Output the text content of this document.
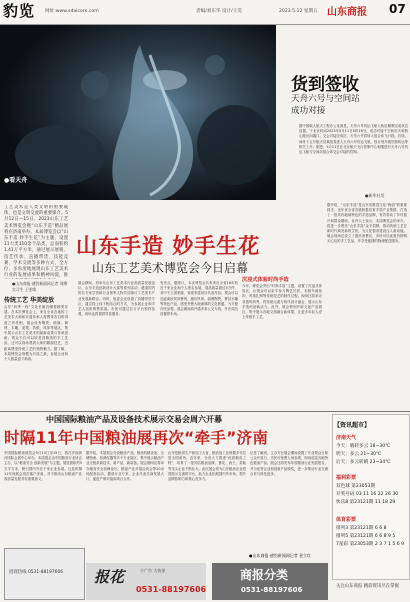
豹览	网址:www.sdaicore.com	责编/刘东华 设计/王雯	2023.5.12 星期五 山东商报 07
●看天舟
货到签收
天舟六号与空间站
成功对接
据中国载人航天工程办公室消息，天舟六号货运飞船入轨后顺利完成状态设置，于北京时间2023年5月11日5时16分，成功对接于空间站天和核心舱后向端口。交会对接完成后，天舟六号将转入组合体飞行段。后续，神舟十五号航天员乘组将进入天舟六号货运飞船，按计划开展货物转运等相关工作。据悉，5月11日在北京航天飞行控制中心相继进行天舟六号货运飞船与空间站组合体交会对接的控制。
●新华社发
工艺美术是人类文明的重要载体，也是文明交流的重要媒介。5月12日—15日，2023山东工艺美术博览会暨“山东手造”精品展将在济南举办。本届博览会以“山东手造 妙手生花”为主题，设置11大类110余个品类，总面积约1.41万平方米，通过展示展销、技艺传承、直播带货、技能竞赛、学术交流等多种方式，全方位、多角度地展现山东工艺美术行业的发展成果和精神风貌，推
●山东商报·速豹新闻网记者 刘傅 实习生 王雯晴
传统工艺 华美绽放
山东“四季一线”文化长廊沉睡着精美非遗。在本次博览会上，来自全省各地的工艺美术大师和非遗传承人将携带各自的得意之作亮相。展会设有陶瓷、琉璃、刺绣、木雕、泥塑、剪纸、风筝等展区，集中展示山东工艺美术的最新成果与传承创新。观众不仅可以欣赏到精美的手工艺品，还可以现场观看大师的精湛技艺，近距离感受传统工艺的独特魅力。据了解，本届博览会规模为历届之最，参展企业和个人数量创下新高。
山东手造 妙手生花
山东工艺美术博览会今日启幕
展会期间，将举办山东工艺美术行业高质量发展论坛、山东手造创新设计大赛等系列活动，邀请国内知名专家学者和行业领军人物共同探讨工艺美术产业发展新路径。同时，组委会还设置了直播带货专区，通过线上线下相结合的方式，为参展企业和手艺人拓宽销售渠道。市民可通过官方平台预约参观，现场也将提供导览服务。
有亮点，据统计，本次博览会共有来自全省16市的近千家企业和个人报名参展，展品数量超过5万件，其中不乏国家级、省级非遗项目代表作品。观众可以近距离欣赏到鲁绣、潍坊风筝、淄博陶瓷、曹县木雕等特色产品，感受齐鲁大地深厚的文化底蕴。为方便市民参观，展会期间将开通多条公交专线，并在周边设置停车场。
沉浸式体验时尚手造
今年，博览会突出“时尚手造”主题，设置了沉浸式体验区，让观众可以亲手参与陶艺拉坯、木版年画拓印、风筝扎制等传统技艺的制作过程。现场还将举办非遗时尚秀，将传统元素与现代设计融合，展示山东手造的创新活力。此外，展会特别开辟文创产品展区，集中展示各地文旅融合新成果，让更多年轻人爱上传统手工艺。
据介绍，“山东手造”是山东省推进文化“两创”的重要抓手，近年来全省各级积极培育手造产业集群，打造了一批具有地域特色的手造品牌，有效带动了乡村振兴和群众增收。业内人士表示，本届博览会的举办，将进一步擦亮“山东手造”金字招牌，推动传统工艺在新时代焕发新的生机，为文化强省建设注入新动能。展会现场还设立了惠民消费区，市民可以优惠价格购买心仪的手工艺品，并享受便捷的物流配送服务。
中国国际粮油产品及设备技术展示交易会周六开幕
时隔11年中国粮油展再次“牵手”济南
中国国际粮油展览会5月13日至15日，将在济南黄河国际会展中心举办。本届展会由中国粮食行业协会主办，以“粮油安全 创新发展”为主题，展览面积约5万平方米，吸引国内外近千家企业参展。这是时隔11年该展会再次落户济南，对于推动山东粮油产业高质量发展具有重要意义。
据介绍，本届展会分设粮油产品、粮油机械设备、仓储物流、检测仪器等多个专业展区，集中展示粮油产业全链条新技术、新产品、新装备。展会期间还将举办粮食安全高峰论坛、粮油产业对接洽谈会等20余场配套活动，邀请行业专家、企业代表共商发展大计，促进产销对接和项目合作。
山东是粮食生产和加工大省，粮油加工业规模多年位居全国前列。近年来，全省大力推进“优质粮食工程”，培育了一批知名粮油品牌，鲁花、西王、香驰等龙头企业不断壮大。此次展会将为山东粮油企业搭建展示交流的平台，助力企业拓展国内外市场，提升品牌影响力和核心竞争力。
记者了解到，主办方在展会期间设置了专业观众日和公众开放日，市民可免费入场参观，现场品鉴各地特色粮油产品。展会还将发布年度粮油行业发展报告，并为优秀企业和创新产品颁奖，进一步推动行业交流合作与科技进步。
●山东商报·速豹新闻网记者 金立红
招商热线 0531-88197606
【资讯超市】
济南天气
今天：晴转多云 18~30℃
明天：多云 21~30℃
后天：多云转晴 23~34℃
福利彩票
双色球 第23053期
开奖号码 03 11 16 22 26 30
快乐8 第23121期 11 18 29
体育彩票
排列3 第23121期 6 6 8
排列5 第23121期 6 6 8 9 5
7星彩 第23053期 2 3 7 1 5 6 9
关注山东商报 精彩资讯尽在掌握
报花	小广告 大效果
0531-88197606
商报分类
0531-88197606
